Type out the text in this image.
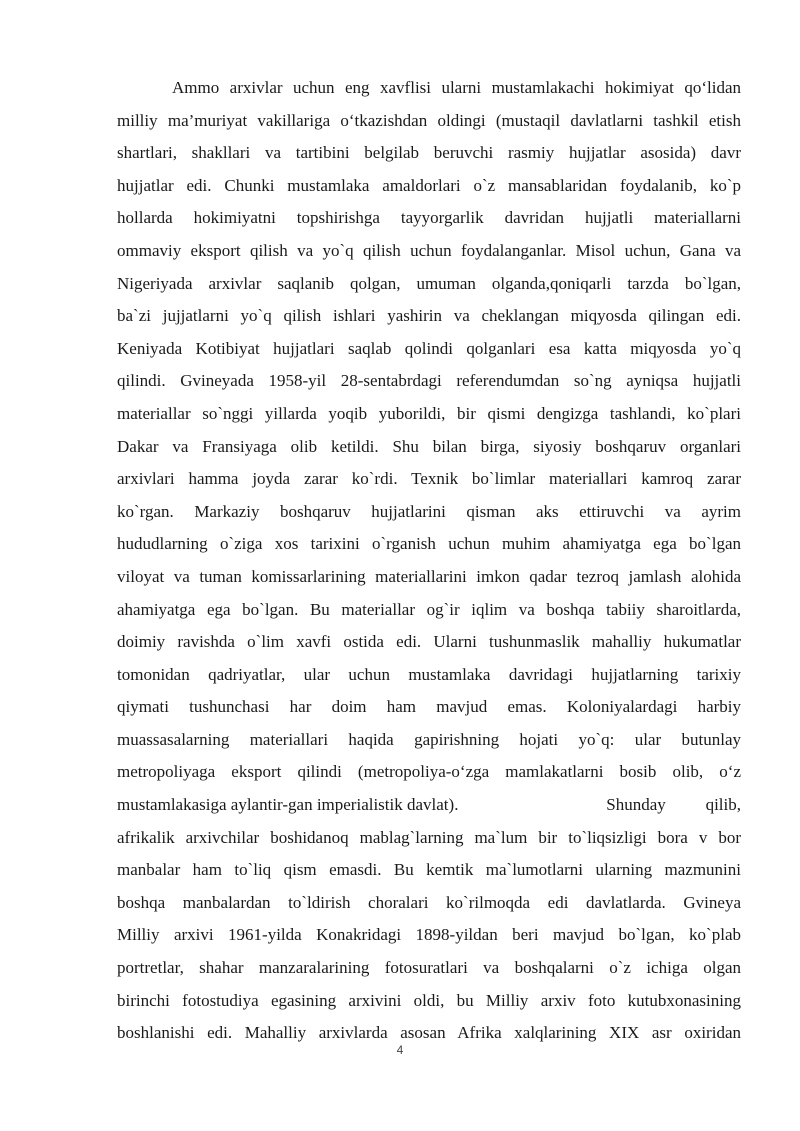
Ammo arxivlar uchun eng xavflisi ularni mustamlakachi hokimiyat qo‘lidan
milliy ma’muriyat vakillariga o‘tkazishdan oldingi (mustaqil davlatlarni tashkil etish
shartlari, shakllari va tartibini belgilab beruvchi rasmiy hujjatlar asosida) davr
hujjatlar edi. Chunki mustamlaka amaldorlari o`z mansablaridan foydalanib, ko`p
hollarda hokimiyatni topshirishga tayyorgarlik davridan hujjatli materiallarni
ommaviy eksport qilish va yo`q qilish uchun foydalanganlar. Misol uchun, Gana va
Nigeriyada arxivlar saqlanib qolgan, umuman olganda,qoniqarli tarzda bo`lgan,
ba`zi jujjatlarni yo`q qilish ishlari yashirin va cheklangan miqyosda qilingan edi.
Keniyada Kotibiyat hujjatlari saqlab qolindi qolganlari esa katta miqyosda yo`q
qilindi. Gvineyada 1958-yil 28-sentabrdagi referendumdan so`ng ayniqsa hujjatli
materiallar so`nggi yillarda yoqib yuborildi, bir qismi dengizga tashlandi, ko`plari
Dakar va Fransiyaga olib ketildi. Shu bilan birga, siyosiy boshqaruv organlari
arxivlari hamma joyda zarar ko`rdi. Texnik bo`limlar materiallari kamroq zarar
ko`rgan. Markaziy boshqaruv hujjatlarini qisman aks ettiruvchi va ayrim
hududlarning o`ziga xos tarixini o`rganish uchun muhim ahamiyatga ega bo`lgan
viloyat va tuman komissarlarining materiallarini imkon qadar tezroq jamlash alohida
ahamiyatga ega bo`lgan. Bu materiallar og`ir iqlim va boshqa tabiiy sharoitlarda,
doimiy ravishda o`lim xavfi ostida edi. Ularni tushunmaslik mahalliy hukumatlar
tomonidan qadriyatlar, ular uchun mustamlaka davridagi hujjatlarning tarixiy
qiymati tushunchasi har doim ham mavjud emas. Koloniyalardagi harbiy
muassasalarning materiallari haqida gapirishning hojati yo`q: ular butunlay
metropoliyaga eksport qilindi (metropoliya-o‘zga mamlakatlarni bosib olib, o‘z
mustamlakasiga aylantir-gan imperialistik davlat).	Shunday qilib,
afrikalik arxivchilar boshidanoq mablag`larning ma`lum bir to`liqsizligi bora v bor
manbalar ham to`liq qism emasdi. Bu kemtik ma`lumotlarni ularning mazmunini
boshqa manbalardan to`ldirish choralari ko`rilmoqda edi davlatlarda. Gvineya
Milliy arxivi 1961-yilda Konakridagi 1898-yildan beri mavjud bo`lgan, ko`plab
portretlar, shahar manzaralarining fotosuratlari va boshqalarni o`z ichiga olgan
birinchi fotostudiya egasining arxivini oldi, bu Milliy arxiv foto kutubxonasining
boshlanishi edi. Mahalliy arxivlarda asosan Afrika xalqlarining XIX asr oxiridan
4
